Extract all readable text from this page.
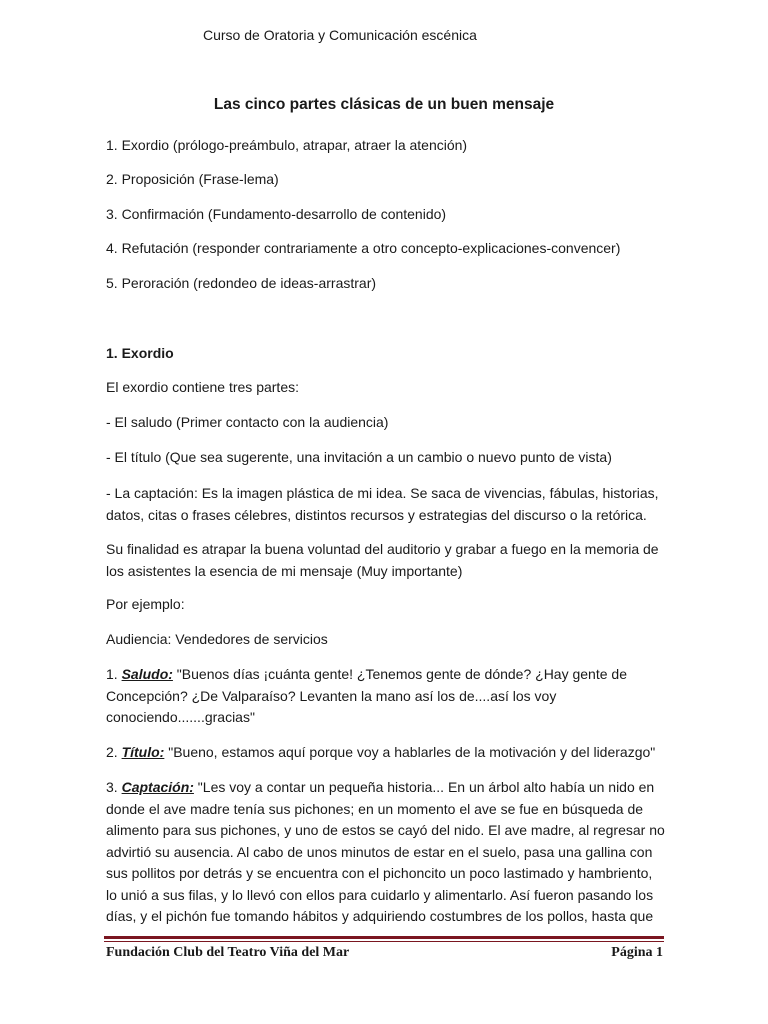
Curso de Oratoria y Comunicación escénica
Las cinco partes clásicas de un buen mensaje
1. Exordio (prólogo-preámbulo, atrapar, atraer la atención)
2. Proposición (Frase-lema)
3. Confirmación (Fundamento-desarrollo de contenido)
4. Refutación (responder contrariamente a otro concepto-explicaciones-convencer)
5. Peroración (redondeo de ideas-arrastrar)
1. Exordio
El exordio contiene tres partes:
- El saludo (Primer contacto con la audiencia)
- El título (Que sea sugerente, una invitación a un cambio o nuevo punto de vista)
- La captación: Es la imagen plástica de mi idea. Se saca de vivencias, fábulas, historias,
datos, citas o frases célebres, distintos recursos y estrategias del discurso o la retórica.
Su finalidad es atrapar la buena voluntad del auditorio y grabar a fuego en la memoria de
los asistentes la esencia de mi mensaje (Muy importante)
Por ejemplo:
Audiencia: Vendedores de servicios
1. Saludo: "Buenos días ¡cuánta gente! ¿Tenemos gente de dónde? ¿Hay gente de
Concepción? ¿De Valparaíso? Levanten la mano así los de....así los voy
conociendo.......gracias"
2. Título: "Bueno, estamos aquí porque voy a hablarles de la motivación y del liderazgo"
3. Captación: "Les voy a contar un pequeña historia... En un árbol alto había un nido en
donde el ave madre tenía sus pichones; en un momento el ave se fue en búsqueda de
alimento para sus pichones, y uno de estos se cayó del nido. El ave madre, al regresar no
advirtió su ausencia. Al cabo de unos minutos de estar en el suelo, pasa una gallina con
sus pollitos por detrás y se encuentra con el pichoncito un poco lastimado y hambriento,
lo unió a sus filas, y lo llevó con ellos para cuidarlo y alimentarlo. Así fueron pasando los
días, y el pichón fue tomando hábitos y adquiriendo costumbres de los pollos, hasta que
Fundación Club del Teatro Viña del Mar	Página 1
